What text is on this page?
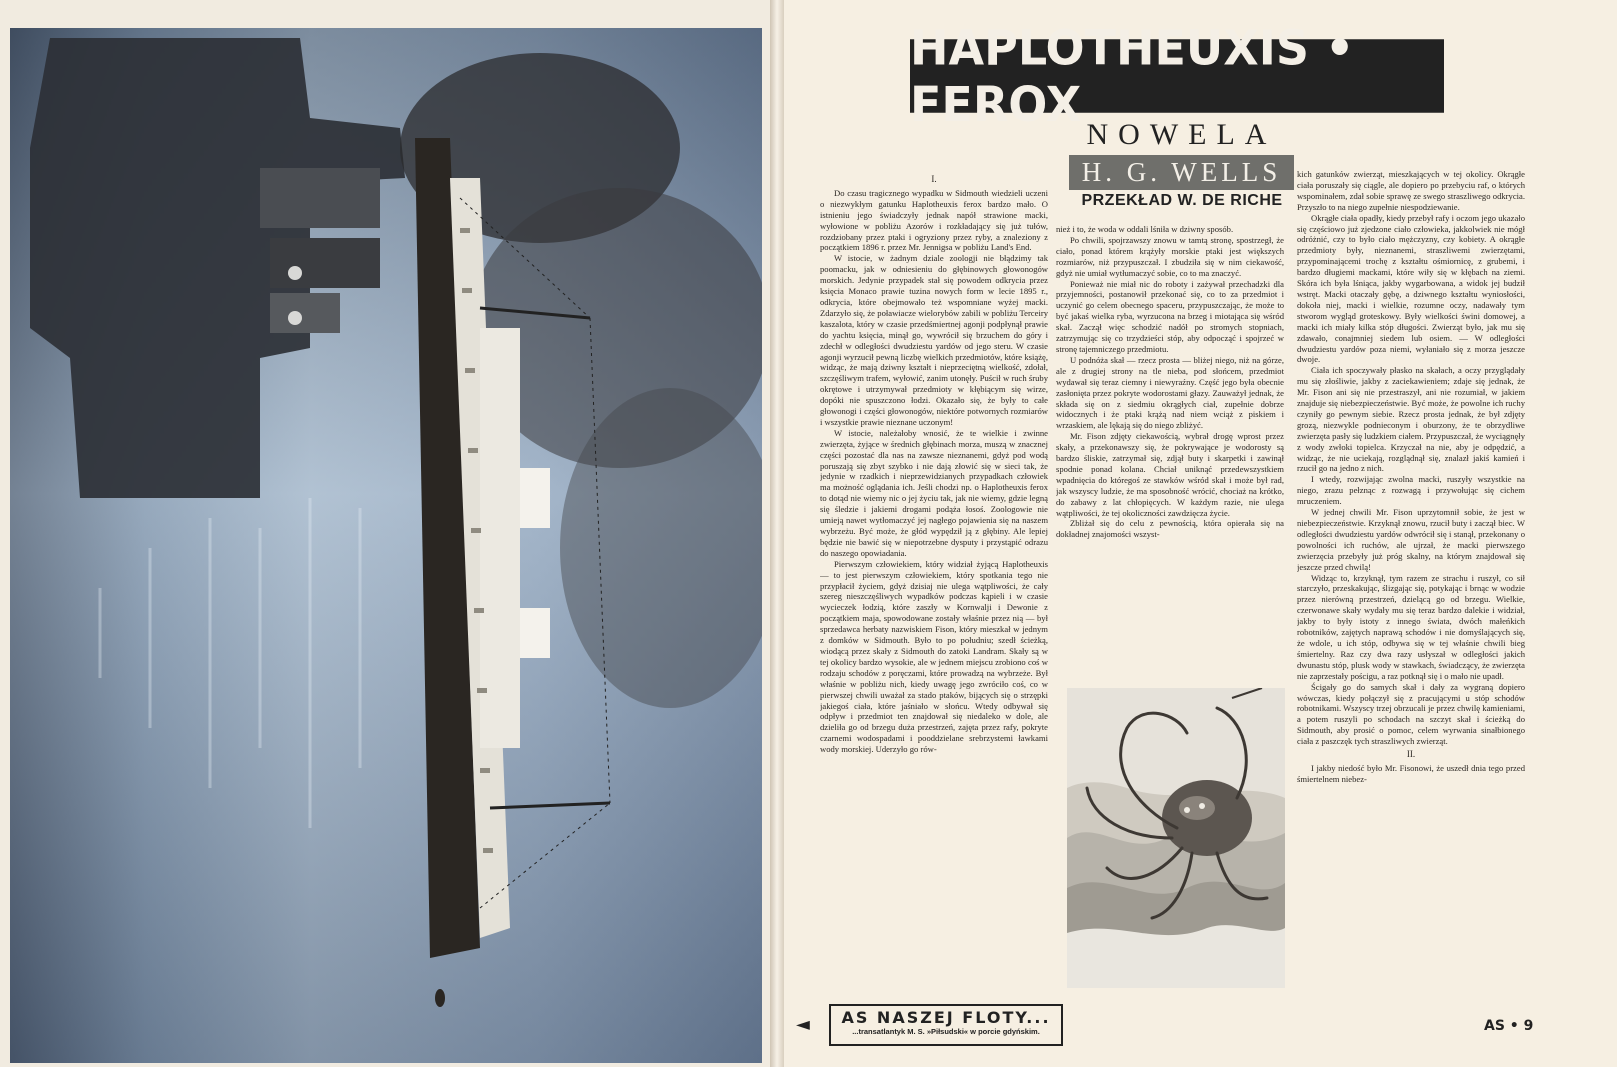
HAPLOTHEUXIS • FEROX
NOWELA
H. G. WELLS
PRZEKŁAD W. DE RICHE

I.

Do czasu tragicznego wypadku w Sidmouth wiedzieli uczeni o niezwykłym gatunku Haplotheuxis ferox bardzo mało. O istnieniu jego świadczyły jednak napół strawione macki, wyłowione w pobliżu Azorów i rozkładający się już tułów, rozdziobany przez ptaki i ogryziony przez ryby, a znaleziony z początkiem 1896 r. przez Mr. Jennigsa w pobliżu Land's End.

W istocie, w żadnym dziale zoologji nie błądzimy tak poomacku, jak w odniesieniu do głębinowych głowonogów morskich. Jedynie przypadek stał się powodem odkrycia przez księcia Monaco prawie tuzina nowych form w lecie 1895 r., odkrycia, które obejmowało też wspomniane wyżej macki. Zdarzyło się, że poławiacze wielorybów zabili w pobliżu Terceiry kaszalota, który w czasie przedśmiertnej agonji podpłynął prawie do yachtu księcia, minął go, wywrócił się brzuchem do góry i zdechł w odległości dwudziestu yardów od jego steru. W czasie agonji wyrzucił pewną liczbę wielkich przedmiotów, które książę, widząc, że mają dziwny kształt i nieprzeciętną wielkość, zdołał, szczęśliwym trafem, wyłowić, zanim utonęły. Puścił w ruch śruby okrętowe i utrzymywał przedmioty w kłębiącym się wirze, dopóki nie spuszczono łodzi. Okazało się, że były to całe głowonogi i części głowonogów, niektóre potwornych rozmiarów i wszystkie prawie nieznane uczonym!

W istocie, należałoby wnosić, że te wielkie i zwinne zwierzęta, żyjące w średnich głębinach morza, muszą w znacznej części pozostać dla nas na zawsze nieznanemi, gdyż pod wodą poruszają się zbyt szybko i nie dają złowić się w sieci tak, że jedynie w rzadkich i nieprzewidzianych przypadkach człowiek ma możność oglądania ich. Jeśli chodzi np. o Haplotheuxis ferox to dotąd nie wiemy nic o jej życiu tak, jak nie wiemy, gdzie legną się śledzie i jakiemi drogami podąża łosoś. Zoologowie nie umieją nawet wytłomaczyć jej nagłego pojawienia się na naszem wybrzeżu. Być może, że głód wypędził ją z głębiny. Ale lepiej będzie nie bawić się w niepotrzebne dysputy i przystąpić odrazu do naszego opowiadania.

Pierwszym człowiekiem, który widział żyjącą Haplotheuxis — to jest pierwszym człowiekiem, który spotkania tego nie przypłacił życiem, gdyż dzisiaj nie ulega wątpliwości, że cały szereg nieszczęśliwych wypadków podczas kąpieli i w czasie wycieczek łodzią, które zaszły w Kornwalji i Dewonie z początkiem maja, spowodowane zostały właśnie przez nią — był sprzedawca herbaty nazwiskiem Fison, który mieszkał w jednym z domków w Sidmouth. Było to po południu; szedł ścieżką, wiodącą przez skały z Sidmouth do zatoki Landram. Skały są w tej okolicy bardzo wysokie, ale w jednem miejscu zrobiono coś w rodzaju schodów z poręczami, które prowadzą na wybrzeże. Był właśnie w pobliżu nich, kiedy uwagę jego zwróciło coś, co w pierwszej chwili uważał za stado ptaków, bijących się o strzępki jakiegoś ciała, które jaśniało w słońcu. Wtedy odbywał się odpływ i przedmiot ten znajdował się niedaleko w dole, ale dzieliła go od brzegu duża przestrzeń, zajęta przez rafy, pokryte czarnemi wodospadami i pooddzielane srebrzystemi ławkami wody morskiej. Uderzyło go rów-

nież i to, że woda w oddali lśniła w dziwny sposób.

Po chwili, spojrzawszy znowu w tamtą stronę, spostrzegł, że ciało, ponad którem krążyły morskie ptaki jest większych rozmiarów, niż przypuszczał. I zbudziła się w nim ciekawość, gdyż nie umiał wytłumaczyć sobie, co to ma znaczyć.

Ponieważ nie miał nic do roboty i zażywał przechadzki dla przyjemności, postanowił przekonać się, co to za przedmiot i uczynić go celem obecnego spaceru, przypuszczając, że może to być jakaś wielka ryba, wyrzucona na brzeg i miotająca się wśród skał. Zaczął więc schodzić nadół po stromych stopniach, zatrzymując się co trzydzieści stóp, aby odpocząć i spojrzeć w stronę tajemniczego przedmiotu.

U podnóża skał — rzecz prosta — bliżej niego, niż na górze, ale z drugiej strony na tle nieba, pod słońcem, przedmiot wydawał się teraz ciemny i niewyraźny. Część jego była obecnie zasłonięta przez pokryte wodorostami głazy. Zauważył jednak, że składa się on z siedmiu okrągłych ciał, zupełnie dobrze widocznych i że ptaki krążą nad niem wciąż z piskiem i wrzaskiem, ale lękają się do niego zbliżyć.

Mr. Fison zdjęty ciekawością, wybrał drogę wprost przez skały, a przekonawszy się, że pokrywające je wodorosty są bardzo śliskie, zatrzymał się, zdjął buty i skarpetki i zawinął spodnie ponad kolana. Chciał uniknąć przedewszystkiem wpadnięcia do któregoś ze stawków wśród skał i może był rad, jak wszyscy ludzie, że ma sposobność wrócić, chociaż na krótko, do zabawy z lat chłopięcych. W każdym razie, nie ulega wątpliwości, że tej okoliczności zawdzięcza życie.

Zbliżał się do celu z pewnością, która opierała się na dokładnej znajomości wszyst-

kich gatunków zwierząt, mieszkających w tej okolicy. Okrągłe ciała poruszały się ciągle, ale dopiero po przebyciu raf, o których wspominałem, zdał sobie sprawę ze swego straszliwego odkrycia. Przyszło to na niego zupełnie niespodziewanie.

Okrągłe ciała opadły, kiedy przebył rafy i oczom jego ukazało się częściowo już zjedzone ciało człowieka, jakkolwiek nie mógł odróżnić, czy to było ciało mężczyzny, czy kobiety. A okrągłe przedmioty były, nieznanemi, straszliwemi zwierzętami, przypominającemi trochę z kształtu ośmiornicę, z grubemi, i bardzo długiemi mackami, które wiły się w kłębach na ziemi. Skóra ich była lśniąca, jakby wygarbowana, a widok jej budził wstręt. Macki otaczały gębę, a dziwnego kształtu wyniosłości, dokoła niej, macki i wielkie, rozumne oczy, nadawały tym stworom wygląd groteskowy. Były wielkości świni domowej, a macki ich miały kilka stóp długości. Zwierząt było, jak mu się zdawało, conajmniej siedem lub osiem. — W odległości dwudziestu yardów poza niemi, wyłaniało się z morza jeszcze dwoje.

Ciała ich spoczywały płasko na skałach, a oczy przyglądały mu się złośliwie, jakby z zaciekawieniem; zdaje się jednak, że Mr. Fison ani się nie przestraszył, ani nie rozumiał, w jakiem znajduje się niebezpieczeństwie. Być może, że powolne ich ruchy czyniły go pewnym siebie. Rzecz prosta jednak, że był zdjęty grozą, niezwykle podnieconym i oburzony, że te obrzydliwe zwierzęta pasły się ludzkiem ciałem. Przypuszczał, że wyciągnęły z wody zwłoki topielca. Krzyczał na nie, aby je odpędzić, a widząc, że nie uciekają, rozglądnął się, znalazł jakiś kamień i rzucił go na jedno z nich.

I wtedy, rozwijając zwolna macki, ruszyły wszystkie na niego, zrazu pełznąc z rozwagą i przywołując się cichem mruczeniem.

W jednej chwili Mr. Fison uprzytomnił sobie, że jest w niebezpieczeństwie. Krzyknął znowu, rzucił buty i zaczął biec. W odległości dwudziestu yardów odwrócił się i stanął, przekonany o powolności ich ruchów, ale ujrzał, że macki pierwszego zwierzęcia przebyły już próg skalny, na którym znajdował się jeszcze przed chwilą!

Widząc to, krzyknął, tym razem ze strachu i ruszył, co sił starczyło, przeskakując, ślizgając się, potykając i brnąc w wodzie przez nierówną przestrzeń, dzielącą go od brzegu. Wielkie, czerwonawe skały wydały mu się teraz bardzo dalekie i widział, jakby to były istoty z innego świata, dwóch małeńkich robotników, zajętych naprawą schodów i nie domyślających się, że wdole, u ich stóp, odbywa się w tej właśnie chwili bieg śmiertelny. Raz czy dwa razy usłyszał w odległości jakich dwunastu stóp, plusk wody w stawkach, świadczący, że zwierzęta nie zaprzestały pościgu, a raz potknął się i o mało nie upadł.

Ścigały go do samych skał i dały za wygraną dopiero wówczas, kiedy połączył się z pracującymi u stóp schodów robotnikami. Wszyscy trzej obrzucali je przez chwilę kamieniami, a potem ruszyli po schodach na szczyt skał i ścieżką do Sidmouth, aby prosić o pomoc, celem wyrwania sinałbionego ciała z paszczęk tych straszliwych zwierząt.

II.

I jakby niedość było Mr. Fisonowi, że uszedł dnia tego przed śmiertelnem niebez-

◄	AS NASZEJ FLOTY...
...transatlantyk M. S. »Piłsudski« w porcie gdyńskim.	AS • 9
